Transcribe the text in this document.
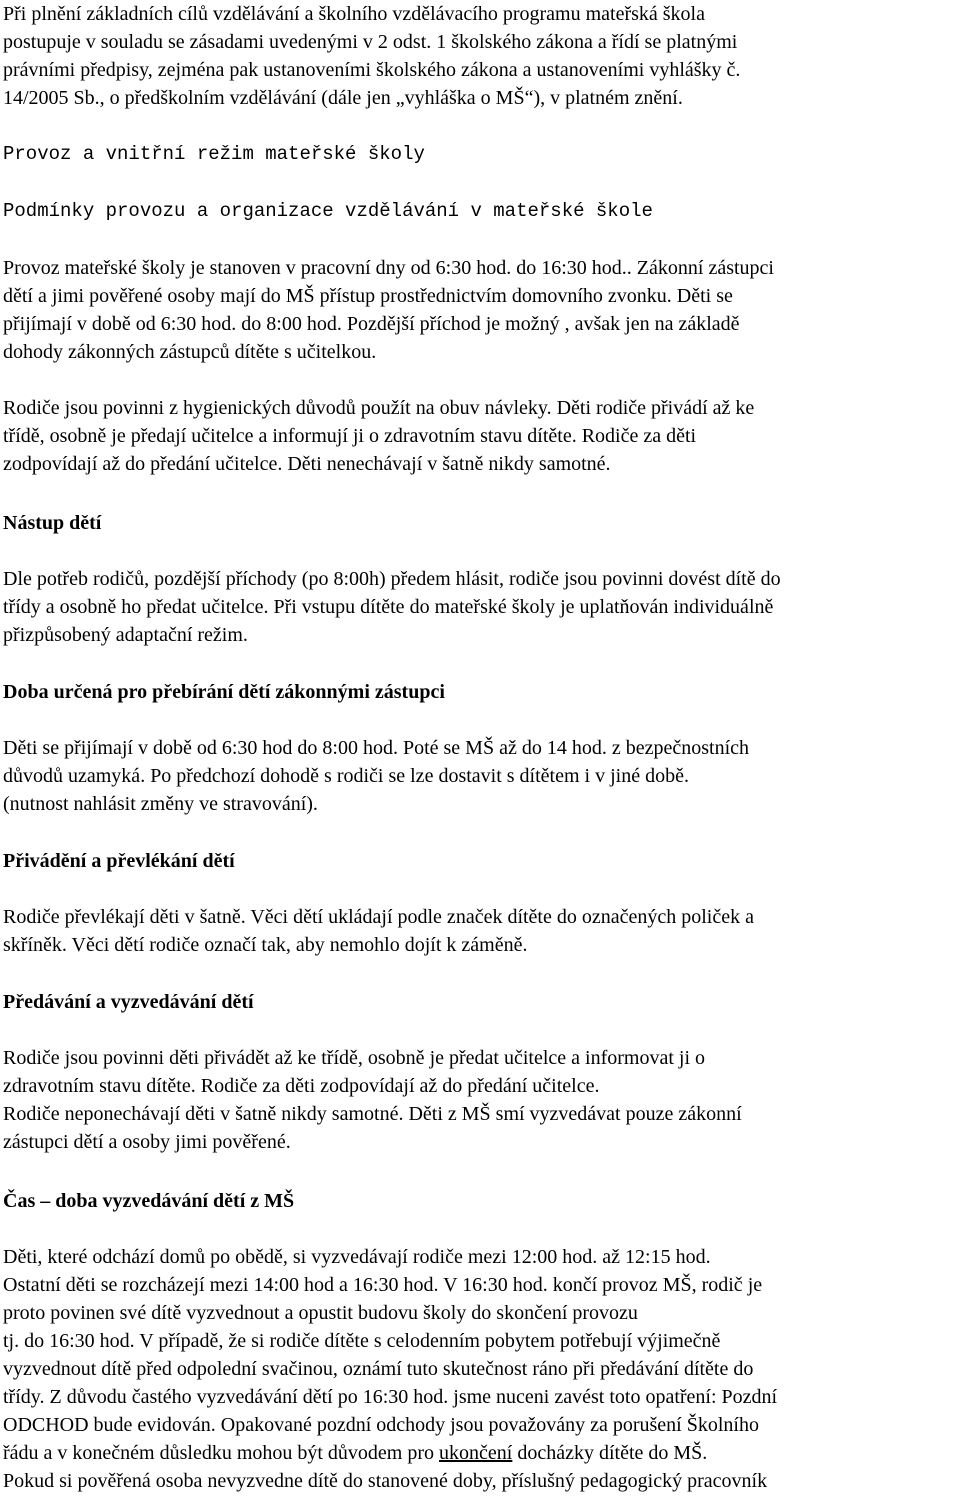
Při plnění základních cílů vzdělávání a školního vzdělávacího programu mateřská škola
postupuje v souladu se zásadami uvedenými v 2 odst. 1 školského zákona a řídí se platnými
právními předpisy, zejména pak ustanoveními školského zákona a ustanoveními vyhlášky č.
14/2005 Sb., o předškolním vzdělávání (dále jen „vyhláška o MŠ“), v platném znění.
Provoz a vnitřní režim mateřské školy
Podmínky provozu a organizace vzdělávání v mateřské škole
Provoz mateřské školy je stanoven v pracovní dny od 6:30 hod. do 16:30 hod.. Zákonní zástupci
dětí a jimi pověřené osoby mají do MŠ přístup prostřednictvím domovního zvonku. Děti se
přijímají v době od 6:30 hod. do 8:00 hod. Pozdější příchod je možný , avšak jen na základě
dohody zákonných zástupců dítěte s učitelkou.
Rodiče jsou povinni z hygienických důvodů použít na obuv návleky. Děti rodiče přivádí až ke
třídě, osobně je předají učitelce a informují ji o zdravotním stavu dítěte. Rodiče za děti
zodpovídají až do předání učitelce. Děti nenechávají v šatně nikdy samotné.
Nástup dětí
Dle potřeb rodičů, pozdější příchody (po 8:00h) předem hlásit, rodiče jsou povinni dovést dítě do
třídy a osobně ho předat učitelce. Při vstupu dítěte do mateřské školy je uplatňován individuálně
přizpůsobený adaptační režim.
Doba určená pro přebírání dětí zákonnými zástupci
Děti se přijímají v době od 6:30 hod do 8:00 hod. Poté se MŠ až do 14 hod. z bezpečnostních
důvodů uzamyká. Po předchozí dohodě s rodiči se lze dostavit s dítětem i v jiné době.
(nutnost nahlásit změny ve stravování).
Přivádění a převlékání dětí
Rodiče převlékají děti v šatně. Věci dětí ukládají podle značek dítěte do označených poliček a
skříněk. Věci dětí rodiče označí tak, aby nemohlo dojít k záměně.
Předávání a vyzvedávání dětí
Rodiče jsou povinni děti přivádět až ke třídě, osobně je předat učitelce a informovat ji o
zdravotním stavu dítěte. Rodiče za děti zodpovídají až do předání učitelce.
Rodiče neponechávají děti v šatně nikdy samotné. Děti z MŠ smí vyzvedávat pouze zákonní
zástupci dětí a osoby jimi pověřené.
Čas – doba vyzvedávání dětí z MŠ
Děti, které odchází domů po obědě, si vyzvedávají rodiče mezi 12:00 hod. až 12:15 hod.
Ostatní děti se rozcházejí mezi 14:00 hod a 16:30 hod. V 16:30 hod. končí provoz MŠ, rodič je
proto povinen své dítě vyzvednout a opustit budovu školy do skončení provozu
tj. do 16:30 hod. V případě, že si rodiče dítěte s celodenním pobytem potřebují výjimečně
vyzvednout dítě před odpolední svačinou, oznámí tuto skutečnost ráno při předávání dítěte do
třídy. Z důvodu častého vyzvedávání dětí po 16:30 hod. jsme nuceni zavést toto opatření: Pozdní
ODCHOD bude evidován. Opakované pozdní odchody jsou považovány za porušení Školního
řádu a v konečném důsledku mohou být důvodem pro ukončení docházky dítěte do MŠ.
Pokud si pověřená osoba nevyzvedne dítě do stanovené doby, příslušný pedagogický pracovník
